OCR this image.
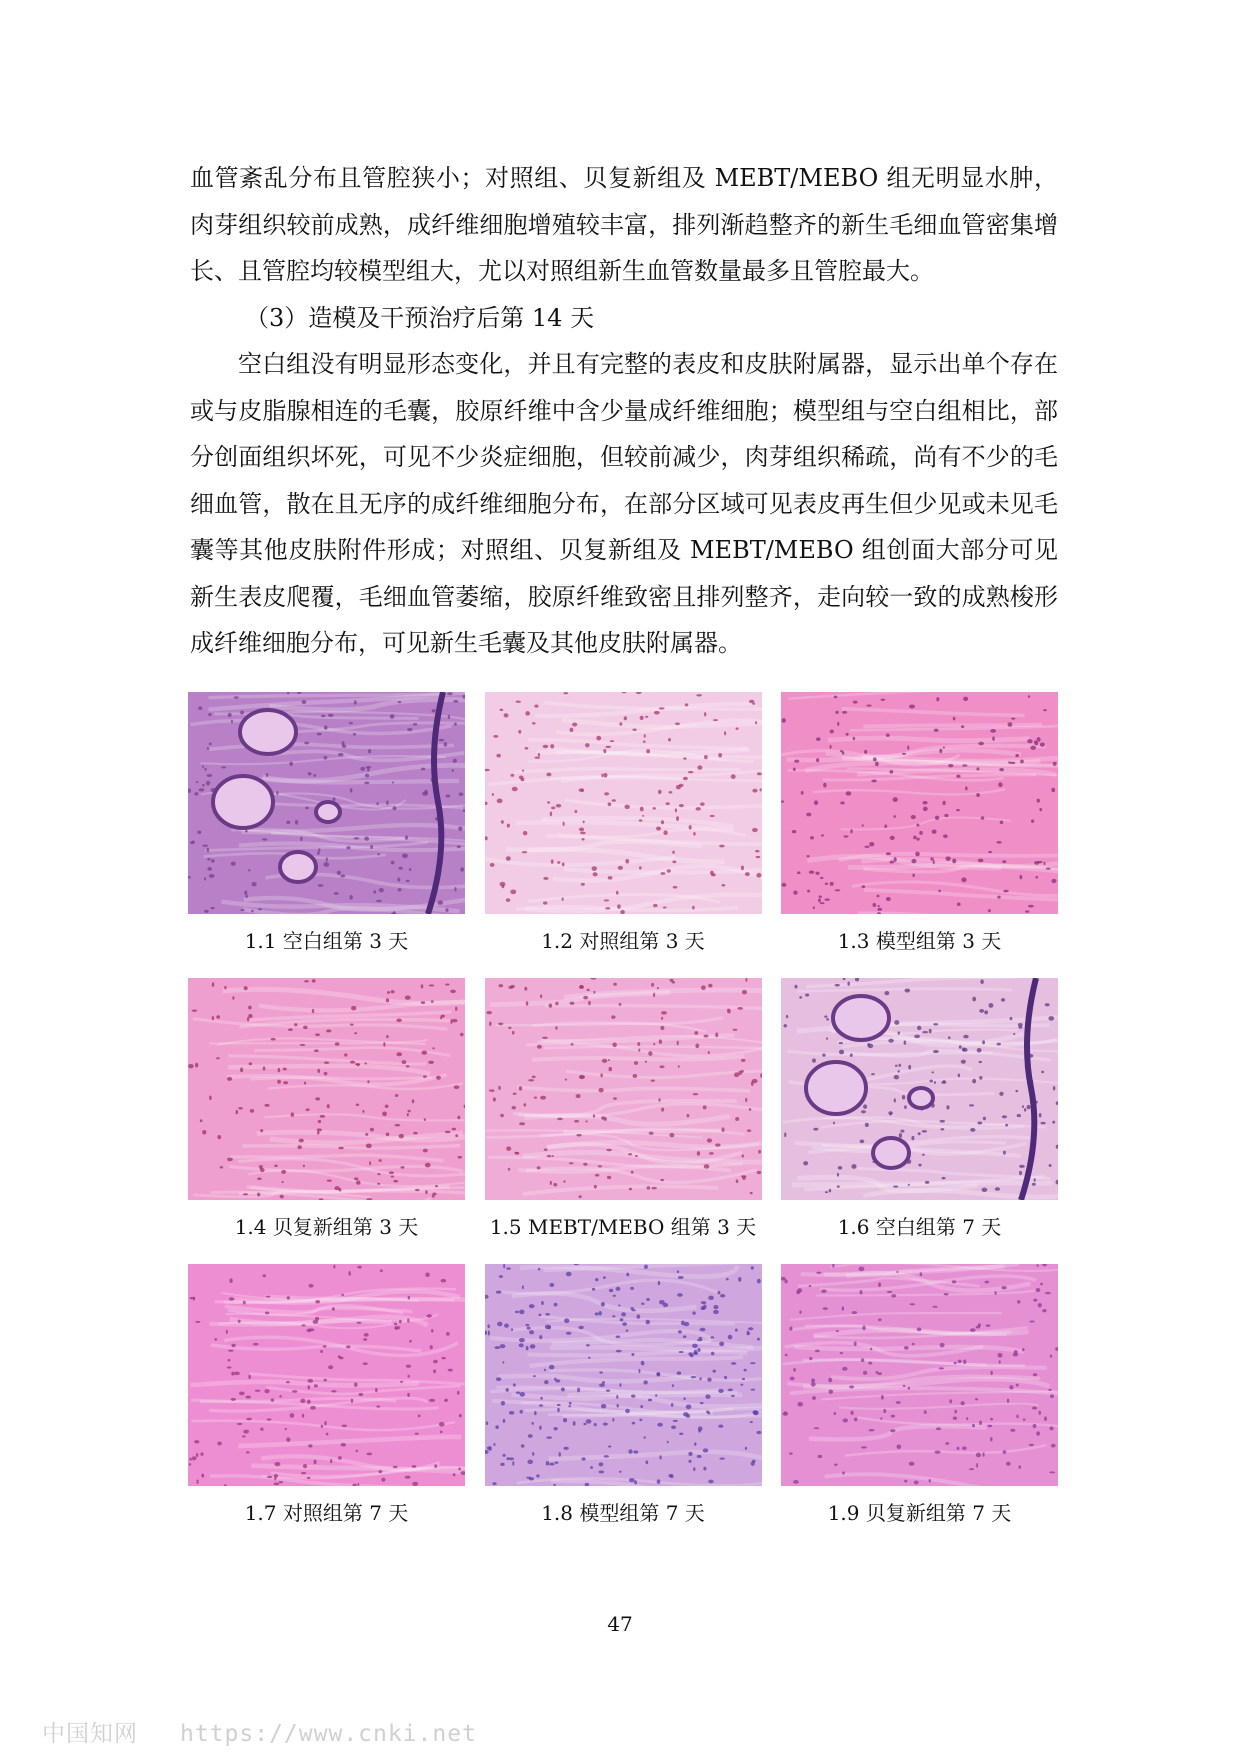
血管紊乱分布且管腔狭小；对照组、贝复新组及 MEBT/MEBO 组无明显水肿，肉芽组织较前成熟，成纤维细胞增殖较丰富，排列渐趋整齐的新生毛细血管密集增长、且管腔均较模型组大，尤以对照组新生血管数量最多且管腔最大。

（3）造模及干预治疗后第 14 天

空白组没有明显形态变化，并且有完整的表皮和皮肤附属器，显示出单个存在或与皮脂腺相连的毛囊，胶原纤维中含少量成纤维细胞；模型组与空白组相比，部分创面组织坏死，可见不少炎症细胞，但较前减少，肉芽组织稀疏，尚有不少的毛细血管，散在且无序的成纤维细胞分布，在部分区域可见表皮再生但少见或未见毛囊等其他皮肤附件形成；对照组、贝复新组及 MEBT/MEBO 组创面大部分可见新生表皮爬覆，毛细血管萎缩，胶原纤维致密且排列整齐，走向较一致的成熟梭形成纤维细胞分布，可见新生毛囊及其他皮肤附属器。

1.1 空白组第 3 天	1.2 对照组第 3 天	1.3 模型组第 3 天
1.4 贝复新组第 3 天	1.5 MEBT/MEBO 组第 3 天	1.6 空白组第 7 天
1.7 对照组第 7 天	1.8 模型组第 7 天	1.9 贝复新组第 7 天
47
中国知网 https://www.cnki.net
